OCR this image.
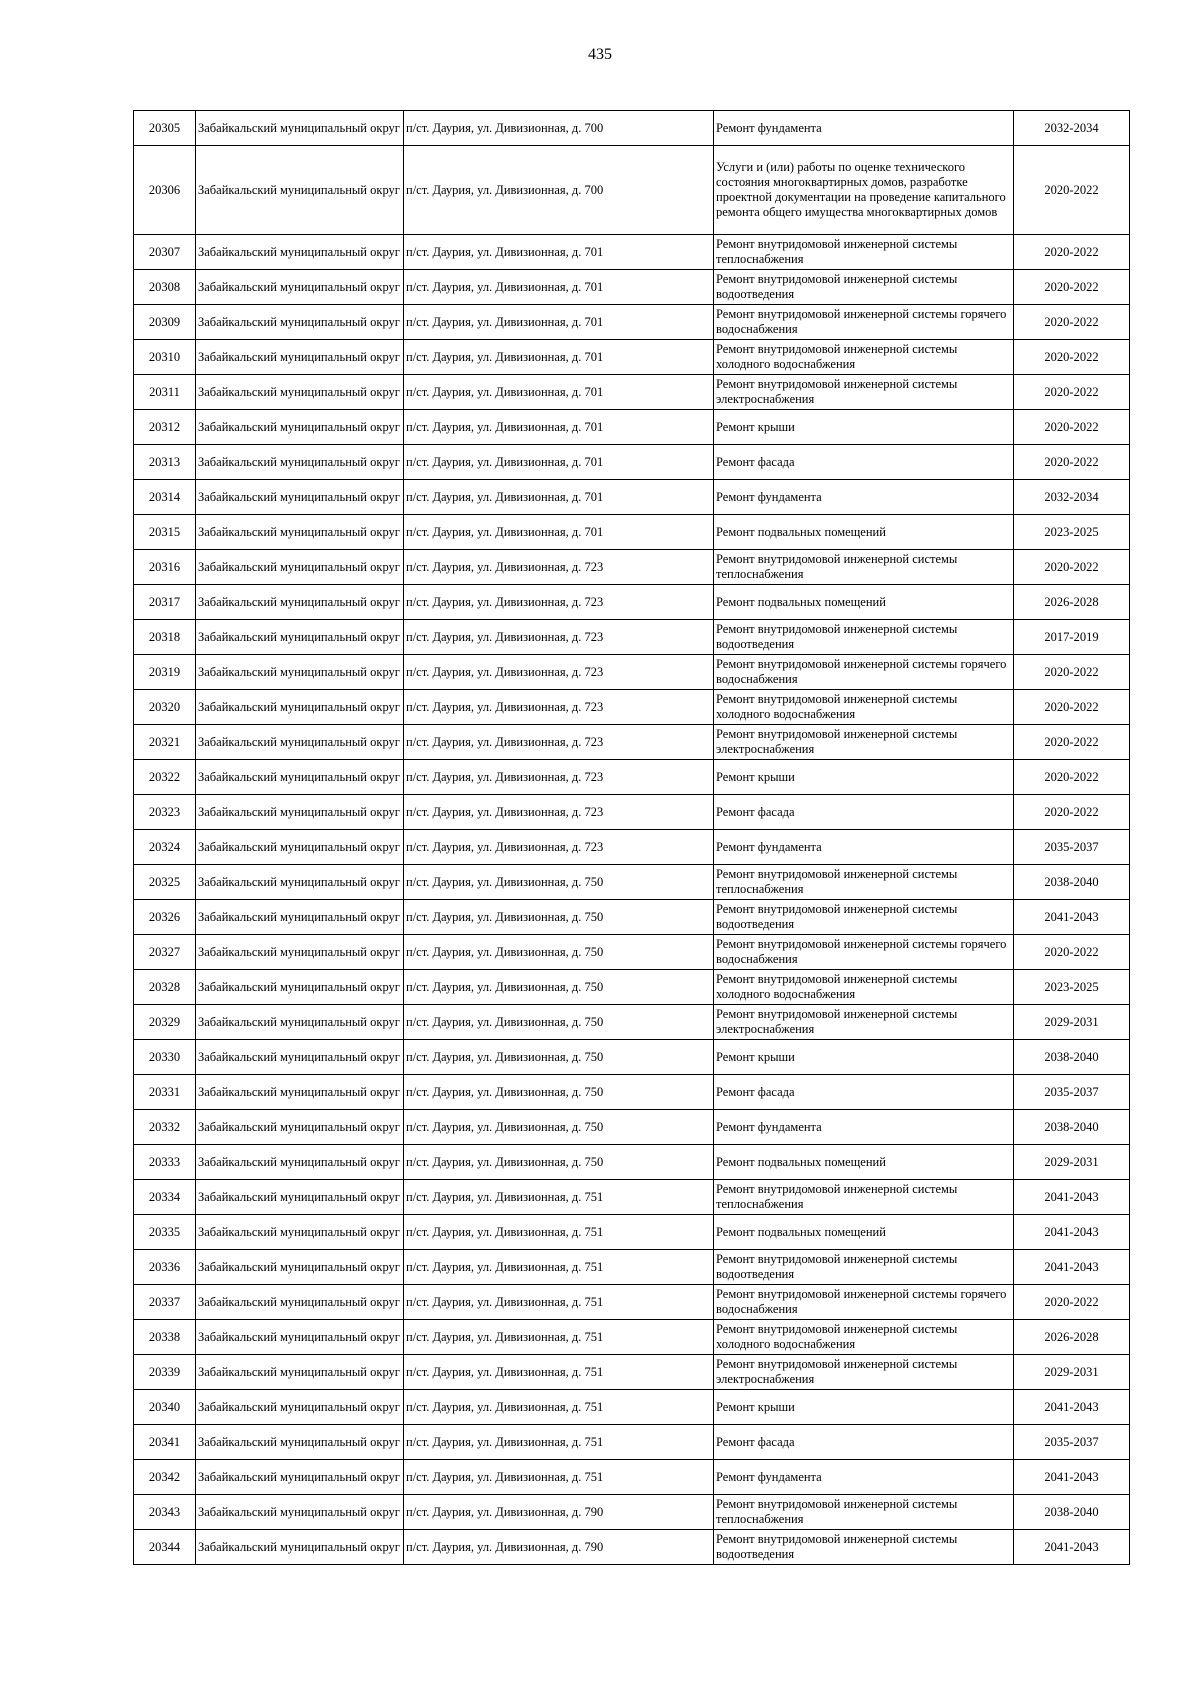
435
20305	Забайкальский муниципальный округ	п/ст. Даурия, ул. Дивизионная, д. 700	Ремонт фундамента	2032-2034
20306	Забайкальский муниципальный округ	п/ст. Даурия, ул. Дивизионная, д. 700	Услуги и (или) работы по оценке технического состояния многоквартирных домов, разработке проектной документации на проведение капитального ремонта общего имущества многоквартирных домов	2020-2022
20307	Забайкальский муниципальный округ	п/ст. Даурия, ул. Дивизионная, д. 701	Ремонт внутридомовой инженерной системы теплоснабжения	2020-2022
20308	Забайкальский муниципальный округ	п/ст. Даурия, ул. Дивизионная, д. 701	Ремонт внутридомовой инженерной системы водоотведения	2020-2022
20309	Забайкальский муниципальный округ	п/ст. Даурия, ул. Дивизионная, д. 701	Ремонт внутридомовой инженерной системы горячего водоснабжения	2020-2022
20310	Забайкальский муниципальный округ	п/ст. Даурия, ул. Дивизионная, д. 701	Ремонт внутридомовой инженерной системы холодного водоснабжения	2020-2022
20311	Забайкальский муниципальный округ	п/ст. Даурия, ул. Дивизионная, д. 701	Ремонт внутридомовой инженерной системы электроснабжения	2020-2022
20312	Забайкальский муниципальный округ	п/ст. Даурия, ул. Дивизионная, д. 701	Ремонт крыши	2020-2022
20313	Забайкальский муниципальный округ	п/ст. Даурия, ул. Дивизионная, д. 701	Ремонт фасада	2020-2022
20314	Забайкальский муниципальный округ	п/ст. Даурия, ул. Дивизионная, д. 701	Ремонт фундамента	2032-2034
20315	Забайкальский муниципальный округ	п/ст. Даурия, ул. Дивизионная, д. 701	Ремонт подвальных помещений	2023-2025
20316	Забайкальский муниципальный округ	п/ст. Даурия, ул. Дивизионная, д. 723	Ремонт внутридомовой инженерной системы теплоснабжения	2020-2022
20317	Забайкальский муниципальный округ	п/ст. Даурия, ул. Дивизионная, д. 723	Ремонт подвальных помещений	2026-2028
20318	Забайкальский муниципальный округ	п/ст. Даурия, ул. Дивизионная, д. 723	Ремонт внутридомовой инженерной системы водоотведения	2017-2019
20319	Забайкальский муниципальный округ	п/ст. Даурия, ул. Дивизионная, д. 723	Ремонт внутридомовой инженерной системы горячего водоснабжения	2020-2022
20320	Забайкальский муниципальный округ	п/ст. Даурия, ул. Дивизионная, д. 723	Ремонт внутридомовой инженерной системы холодного водоснабжения	2020-2022
20321	Забайкальский муниципальный округ	п/ст. Даурия, ул. Дивизионная, д. 723	Ремонт внутридомовой инженерной системы электроснабжения	2020-2022
20322	Забайкальский муниципальный округ	п/ст. Даурия, ул. Дивизионная, д. 723	Ремонт крыши	2020-2022
20323	Забайкальский муниципальный округ	п/ст. Даурия, ул. Дивизионная, д. 723	Ремонт фасада	2020-2022
20324	Забайкальский муниципальный округ	п/ст. Даурия, ул. Дивизионная, д. 723	Ремонт фундамента	2035-2037
20325	Забайкальский муниципальный округ	п/ст. Даурия, ул. Дивизионная, д. 750	Ремонт внутридомовой инженерной системы теплоснабжения	2038-2040
20326	Забайкальский муниципальный округ	п/ст. Даурия, ул. Дивизионная, д. 750	Ремонт внутридомовой инженерной системы водоотведения	2041-2043
20327	Забайкальский муниципальный округ	п/ст. Даурия, ул. Дивизионная, д. 750	Ремонт внутридомовой инженерной системы горячего водоснабжения	2020-2022
20328	Забайкальский муниципальный округ	п/ст. Даурия, ул. Дивизионная, д. 750	Ремонт внутридомовой инженерной системы холодного водоснабжения	2023-2025
20329	Забайкальский муниципальный округ	п/ст. Даурия, ул. Дивизионная, д. 750	Ремонт внутридомовой инженерной системы электроснабжения	2029-2031
20330	Забайкальский муниципальный округ	п/ст. Даурия, ул. Дивизионная, д. 750	Ремонт крыши	2038-2040
20331	Забайкальский муниципальный округ	п/ст. Даурия, ул. Дивизионная, д. 750	Ремонт фасада	2035-2037
20332	Забайкальский муниципальный округ	п/ст. Даурия, ул. Дивизионная, д. 750	Ремонт фундамента	2038-2040
20333	Забайкальский муниципальный округ	п/ст. Даурия, ул. Дивизионная, д. 750	Ремонт подвальных помещений	2029-2031
20334	Забайкальский муниципальный округ	п/ст. Даурия, ул. Дивизионная, д. 751	Ремонт внутридомовой инженерной системы теплоснабжения	2041-2043
20335	Забайкальский муниципальный округ	п/ст. Даурия, ул. Дивизионная, д. 751	Ремонт подвальных помещений	2041-2043
20336	Забайкальский муниципальный округ	п/ст. Даурия, ул. Дивизионная, д. 751	Ремонт внутридомовой инженерной системы водоотведения	2041-2043
20337	Забайкальский муниципальный округ	п/ст. Даурия, ул. Дивизионная, д. 751	Ремонт внутридомовой инженерной системы горячего водоснабжения	2020-2022
20338	Забайкальский муниципальный округ	п/ст. Даурия, ул. Дивизионная, д. 751	Ремонт внутридомовой инженерной системы холодного водоснабжения	2026-2028
20339	Забайкальский муниципальный округ	п/ст. Даурия, ул. Дивизионная, д. 751	Ремонт внутридомовой инженерной системы электроснабжения	2029-2031
20340	Забайкальский муниципальный округ	п/ст. Даурия, ул. Дивизионная, д. 751	Ремонт крыши	2041-2043
20341	Забайкальский муниципальный округ	п/ст. Даурия, ул. Дивизионная, д. 751	Ремонт фасада	2035-2037
20342	Забайкальский муниципальный округ	п/ст. Даурия, ул. Дивизионная, д. 751	Ремонт фундамента	2041-2043
20343	Забайкальский муниципальный округ	п/ст. Даурия, ул. Дивизионная, д. 790	Ремонт внутридомовой инженерной системы теплоснабжения	2038-2040
20344	Забайкальский муниципальный округ	п/ст. Даурия, ул. Дивизионная, д. 790	Ремонт внутридомовой инженерной системы водоотведения	2041-2043
